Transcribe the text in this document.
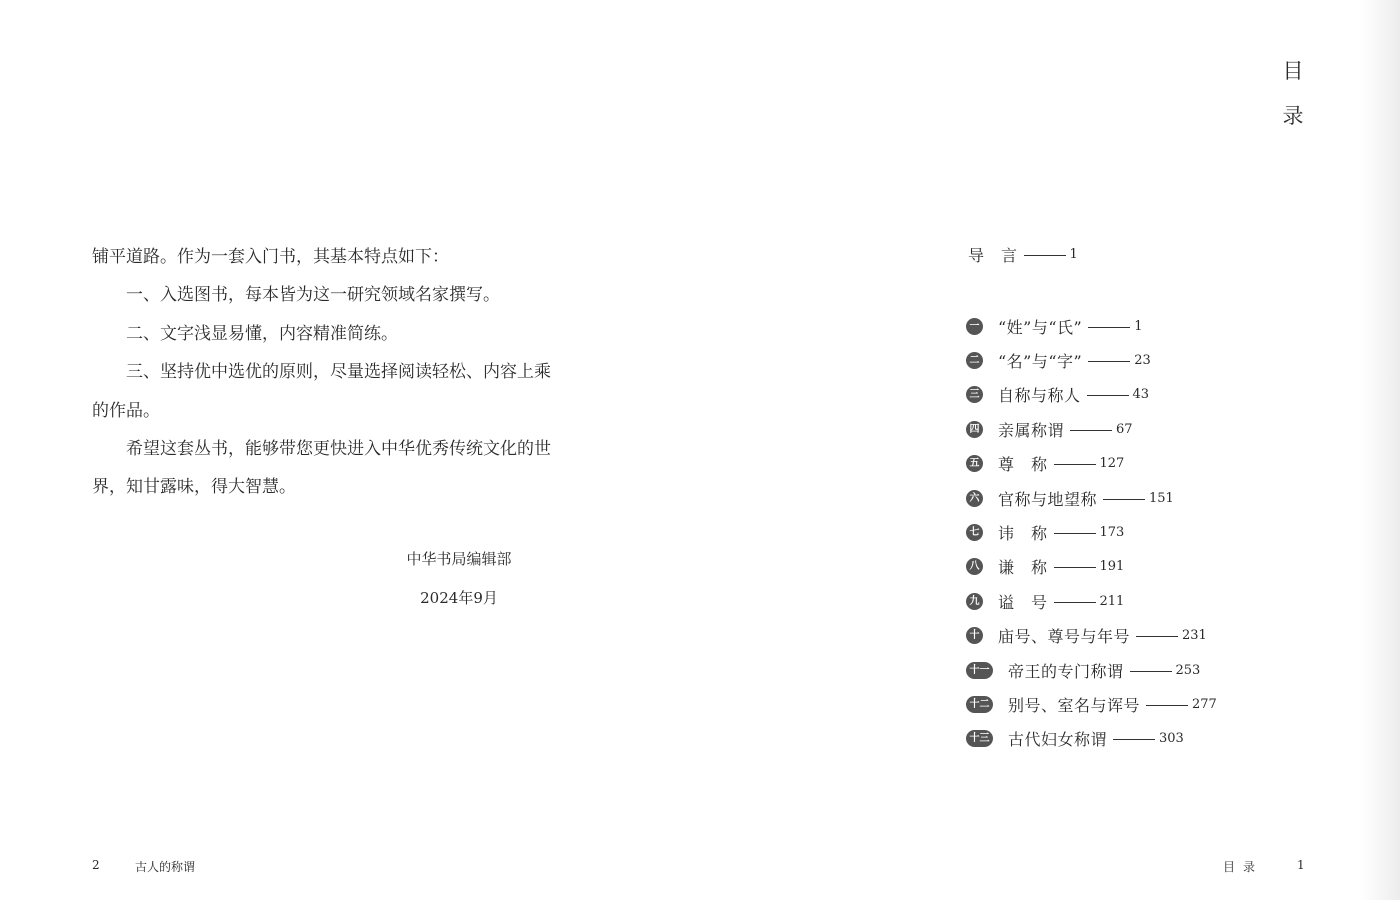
铺平道路。作为一套入门书，其基本特点如下：

一、入选图书，每本皆为这一研究领域名家撰写。

二、文字浅显易懂，内容精准简练。

三、坚持优中选优的原则，尽量选择阅读轻松、内容上乘的作品。

希望这套丛书，能够带您更快进入中华优秀传统文化的世界，知甘露味，得大智慧。

中华书局编辑部
2024年9月
2	古人的称谓
目
录
导　言	1
一 “姓”与“氏”	1
二 “名”与“字”	23
三 自称与称人	43
四 亲属称谓	67
五 尊　称	127
六 官称与地望称	151
七 讳　称	173
八 谦　称	191
九 谥　号	211
十 庙号、尊号与年号	231
十一 帝王的专门称谓	253
十二 别号、室名与诨号	277
十三 古代妇女称谓	303
目录	1
